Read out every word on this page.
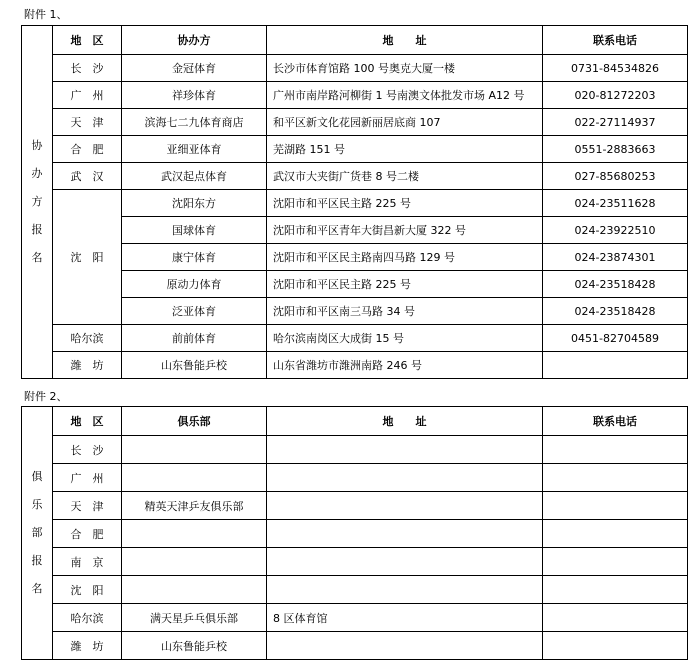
附件 1、
协
办
方
报
名	地　区	协办方	地　　址	联系电话
	长　沙	金冠体育	长沙市体育馆路 100 号奥克大厦一楼	0731-84534826
	广　州	祥珍体育	广州市南岸路河柳街 1 号南澳文体批发市场 A12 号	020-81272203
	天　津	滨海七二九体育商店	和平区新文化花园新丽居底商 107	022-27114937
	合　肥	亚细亚体育	芜湖路 151 号	0551-2883663
	武　汉	武汉起点体育	武汉市大夹街广货巷 8 号二楼	027-85680253
	沈　阳	沈阳东方	沈阳市和平区民主路 225 号	024-23511628
		国球体育	沈阳市和平区青年大街昌新大厦 322 号	024-23922510
		康宁体育	沈阳市和平区民主路南四马路 129 号	024-23874301
		原动力体育	沈阳市和平区民主路 225 号	024-23518428
		泛亚体育	沈阳市和平区南三马路 34 号	024-23518428
	哈尔滨	前前体育	哈尔滨南岗区大成街 15 号	0451-82704589
	潍　坊	山东鲁能乒校	山东省潍坊市潍洲南路 246 号	
附件 2、
俱
乐
部
报
名	地　区	俱乐部	地　　址	联系电话
	长　沙			
	广　州			
	天　津	精英天津乒友俱乐部		
	合　肥			
	南　京			
	沈　阳			
	哈尔滨	满天星乒乓俱乐部	8 区体育馆	
	潍　坊	山东鲁能乒校		
